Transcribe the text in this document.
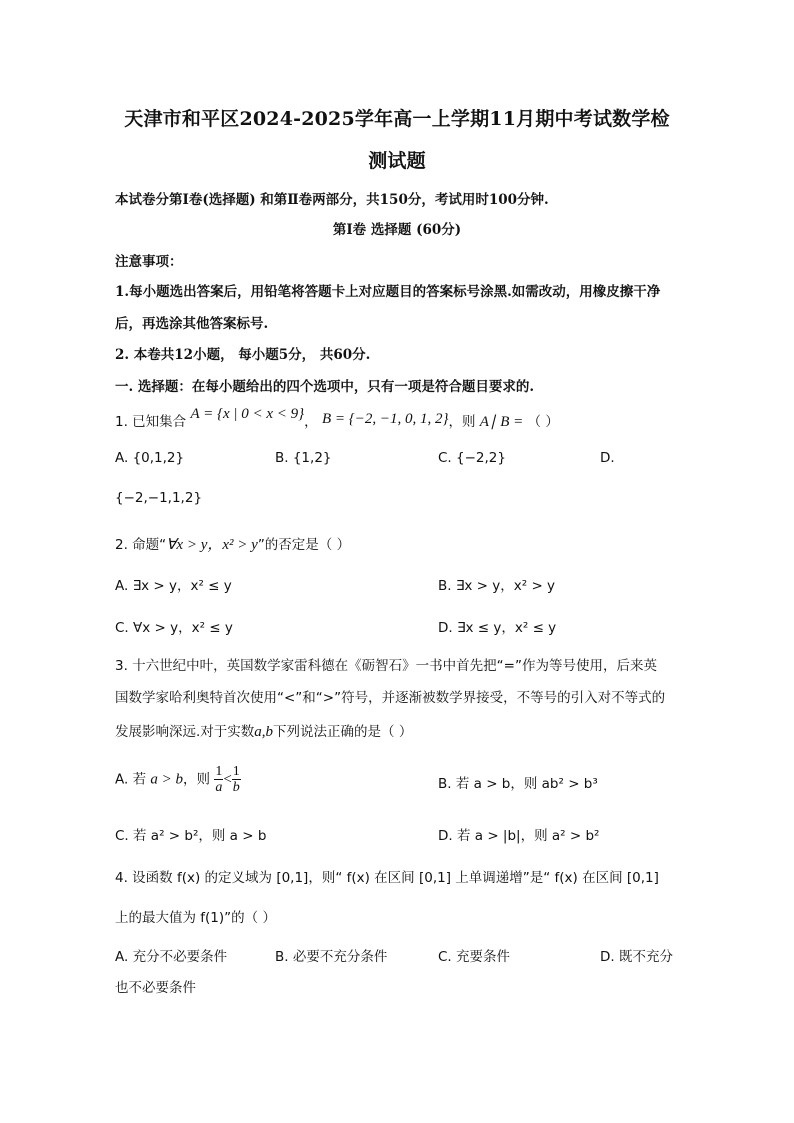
天津市和平区2024-2025学年高一上学期11月期中考试数学检
测试题
本试卷分第Ⅰ卷(选择题) 和第Ⅱ卷两部分，共150分，考试用时100分钟.
第Ⅰ卷 选择题 (60分)
注意事项：
1.每小题选出答案后，用铅笔将答题卡上对应题目的答案标号涂黑.如需改动，用橡皮擦干净
后，再选涂其他答案标号.
2. 本卷共12小题， 每小题5分， 共60分.
一. 选择题：在每小题给出的四个选项中，只有一项是符合题目要求的.
1. 已知集合 A = {x | 0 < x < 9}， B = {−2, −1, 0, 1, 2}，则 A∣ B = （ ）
A. {0,1,2}	B. {1,2}	C. {−2,2}	D.
{−2,−1,1,2}
2. 命题“∀x > y，x² > y”的否定是（ ）
A. ∃x > y，x² ≤ y	B. ∃x > y，x² > y
C. ∀x > y，x² ≤ y	D. ∃x ≤ y，x² ≤ y
3. 十六世纪中叶，英国数学家雷科德在《砺智石》一书中首先把“=”作为等号使用，后来英
国数学家哈利奥特首次使用“<”和“>”符号，并逐渐被数学界接受，不等号的引入对不等式的
发展影响深远.对于实数a,b下列说法正确的是（ ）
A. 若 a > b，则 $\frac{1}{a} < \frac{1}{b}$	B. 若 a > b，则 ab² > b³
C. 若 a² > b²，则 a > b	D. 若 a > |b|，则 a² > b²
4. 设函数 f(x) 的定义域为 [0,1]，则“ f(x) 在区间 [0,1] 上单调递增”是“ f(x) 在区间 [0,1]
上的最大值为 f(1)”的（ ）
A. 充分不必要条件	B. 必要不充分条件	C. 充要条件	D. 既不充分
也不必要条件
